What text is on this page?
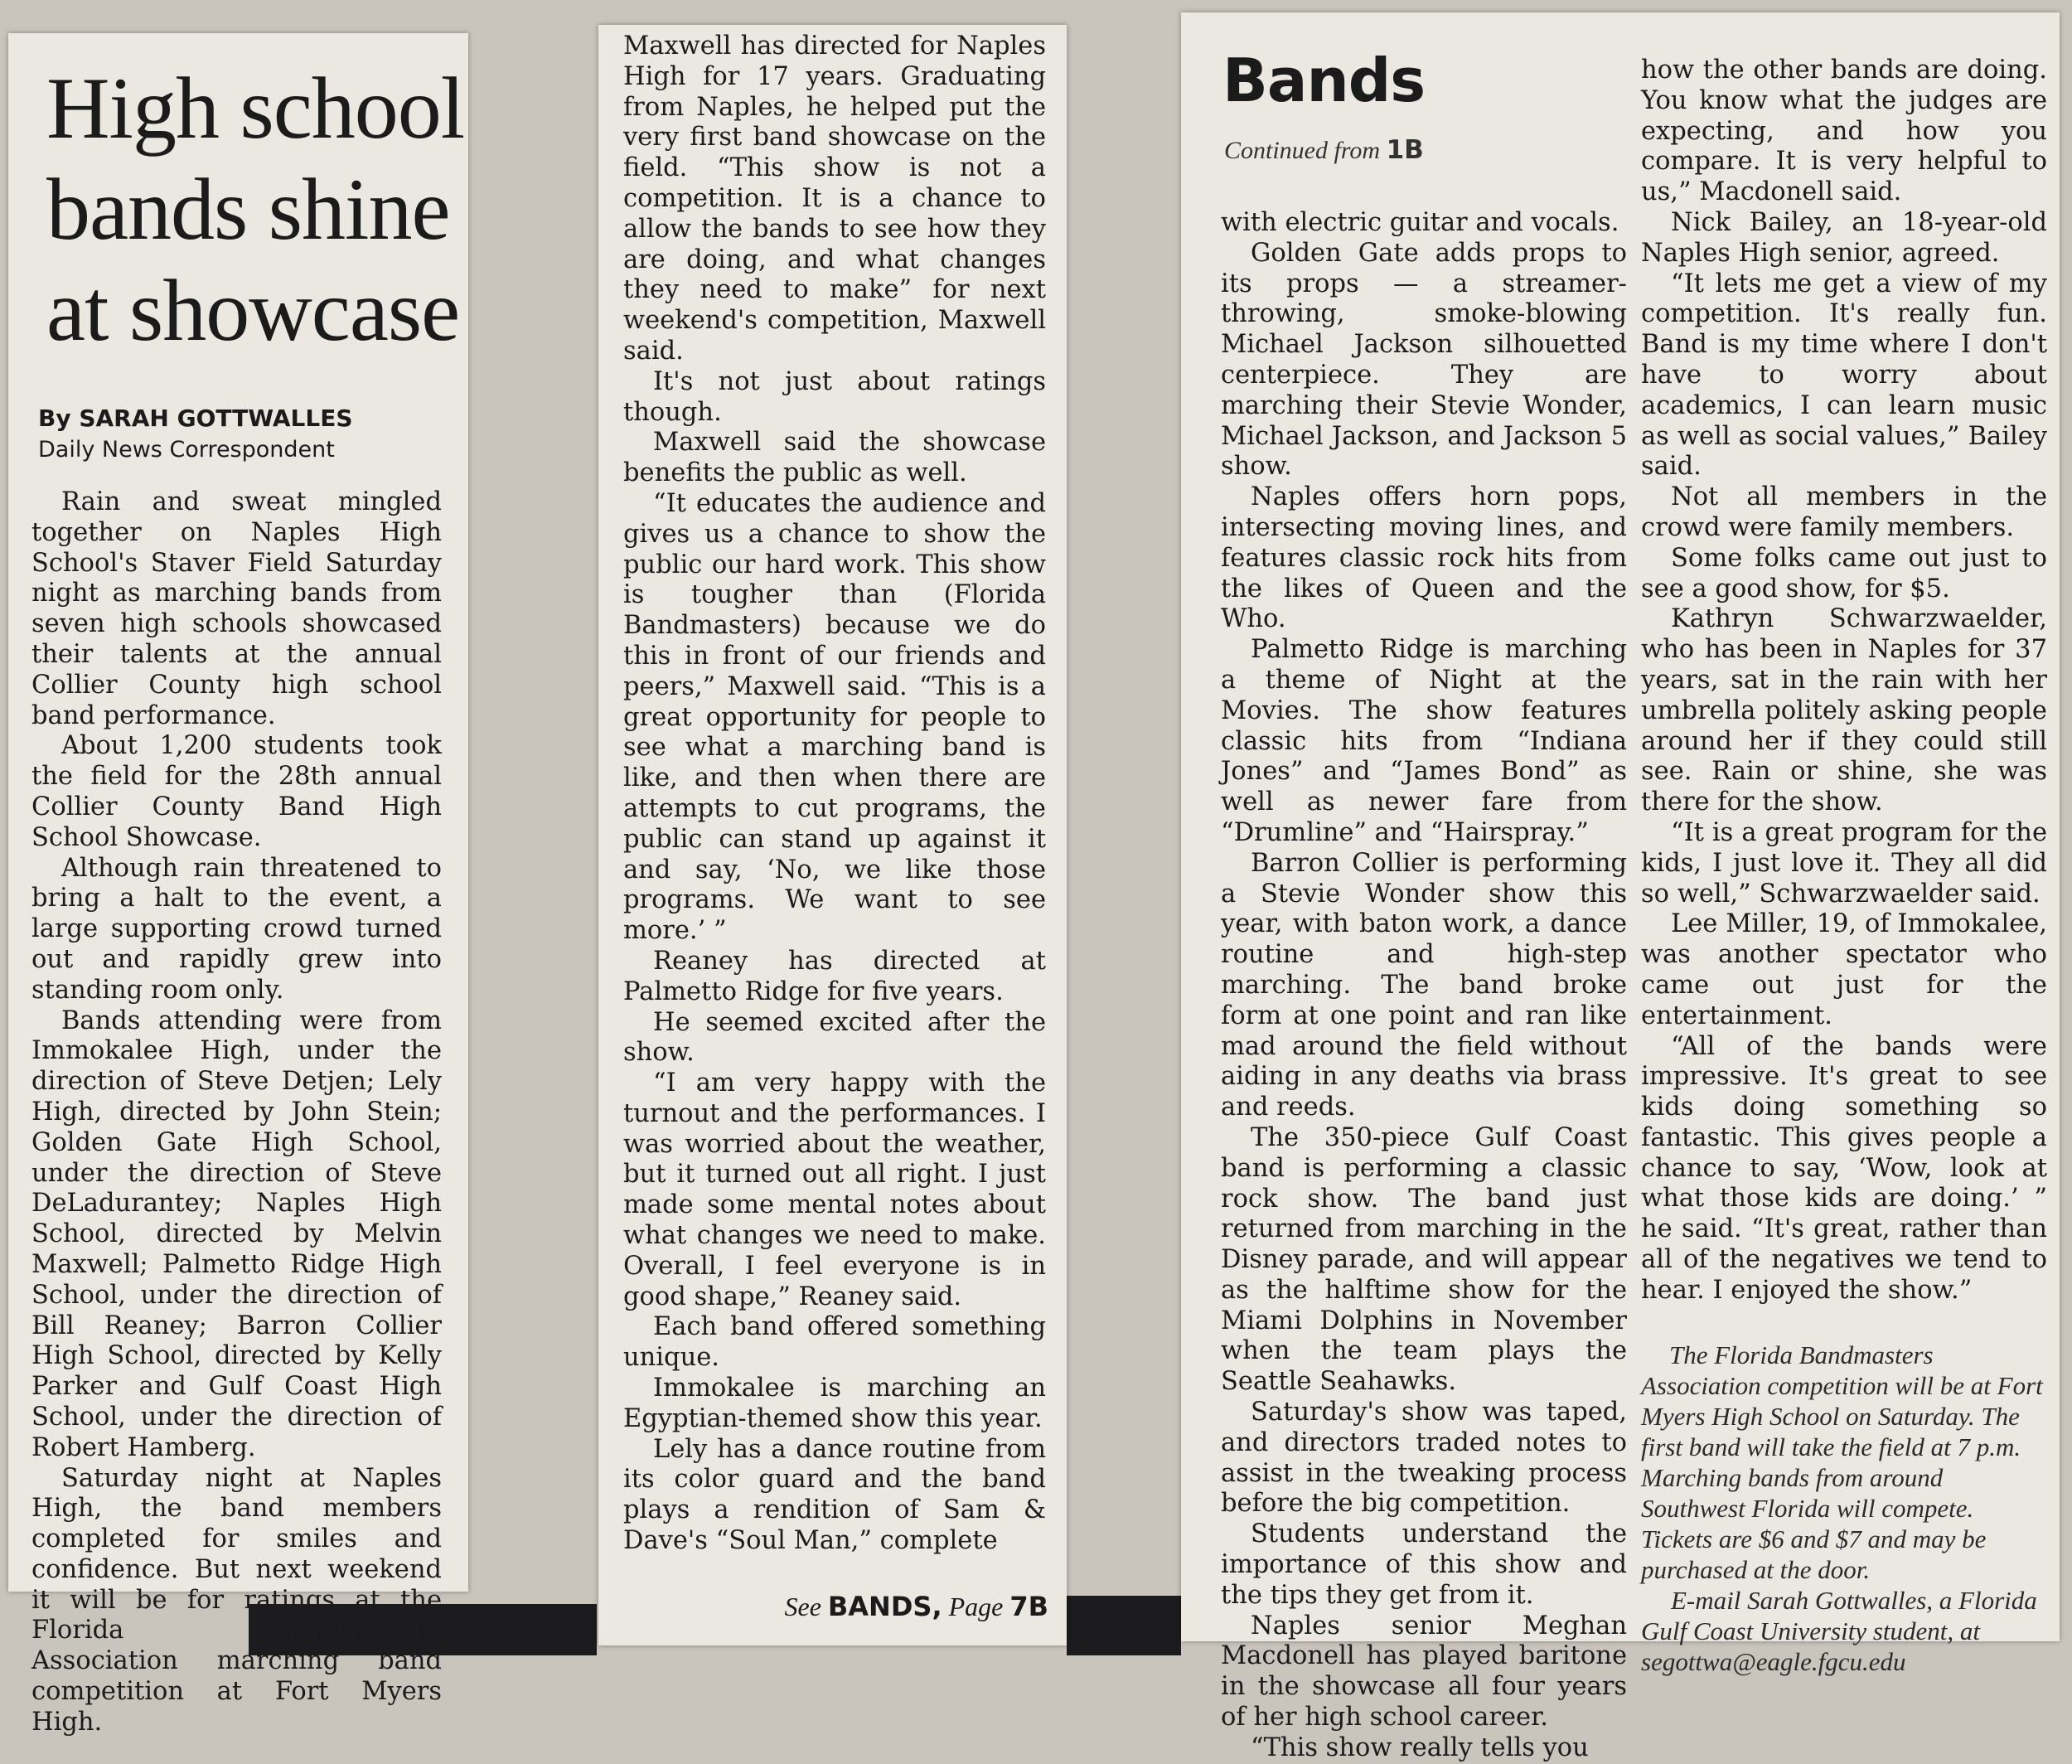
High school
bands shine
at showcase
By SARAH GOTTWALLES
Daily News Correspondent

Rain and sweat mingled together on Naples High School's Staver Field Saturday night as marching bands from seven high schools showcased their talents at the annual Collier County high school band performance.

About 1,200 students took the field for the 28th annual Collier County Band High School Showcase.

Although rain threatened to bring a halt to the event, a large supporting crowd turned out and rapidly grew into standing room only.

Bands attending were from Immokalee High, under the direction of Steve Detjen; Lely High, directed by John Stein; Golden Gate High School, under the direction of Steve DeLadurantey; Naples High School, directed by Melvin Maxwell; Palmetto Ridge High School, under the direction of Bill Reaney; Barron Collier High School, directed by Kelly Parker and Gulf Coast High School, under the direction of Robert Hamberg.

Saturday night at Naples High, the band members completed for smiles and confidence. But next weekend it will be for ratings at the Florida Bandmasters Association marching band competition at Fort Myers High.

Maxwell has directed for Naples High for 17 years. Graduating from Naples, he helped put the very first band showcase on the field. “This show is not a competition. It is a chance to allow the bands to see how they are doing, and what changes they need to make” for next weekend's competition, Maxwell said.

It's not just about ratings though.

Maxwell said the showcase benefits the public as well.

“It educates the audience and gives us a chance to show the public our hard work. This show is tougher than (Florida Bandmasters) because we do this in front of our friends and peers,” Maxwell said. “This is a great opportunity for people to see what a marching band is like, and then when there are attempts to cut programs, the public can stand up against it and say, ‘No, we like those programs. We want to see more.’ ”

Reaney has directed at Palmetto Ridge for five years.

He seemed excited after the show.

“I am very happy with the turnout and the performances. I was worried about the weather, but it turned out all right. I just made some mental notes about what changes we need to make. Overall, I feel everyone is in good shape,” Reaney said.

Each band offered something unique.

Immokalee is marching an Egyptian-themed show this year.

Lely has a dance routine from its color guard and the band plays a rendition of Sam & Dave's “Soul Man,” complete

See BANDS, Page 7B
Bands
Continued from 1B

with electric guitar and vocals.

Golden Gate adds props to its props — a streamer-throwing, smoke-blowing Michael Jackson silhouetted centerpiece. They are marching their Stevie Wonder, Michael Jackson, and Jackson 5 show.

Naples offers horn pops, intersecting moving lines, and features classic rock hits from the likes of Queen and the Who.

Palmetto Ridge is marching a theme of Night at the Movies. The show features classic hits from “Indiana Jones” and “James Bond” as well as newer fare from “Drumline” and “Hairspray.”

Barron Collier is performing a Stevie Wonder show this year, with baton work, a dance routine and high-step marching. The band broke form at one point and ran like mad around the field without aiding in any deaths via brass and reeds.

The 350-piece Gulf Coast band is performing a classic rock show. The band just returned from marching in the Disney parade, and will appear as the halftime show for the Miami Dolphins in November when the team plays the Seattle Seahawks.

Saturday's show was taped, and directors traded notes to assist in the tweaking process before the big competition.

Students understand the importance of this show and the tips they get from it.

Naples senior Meghan Macdonell has played baritone in the showcase all four years of her high school career.

“This show really tells you

how the other bands are doing. You know what the judges are expecting, and how you compare. It is very helpful to us,” Macdonell said.

Nick Bailey, an 18-year-old Naples High senior, agreed.

“It lets me get a view of my competition. It's really fun. Band is my time where I don't have to worry about academics, I can learn music as well as social values,” Bailey said.

Not all members in the crowd were family members.

Some folks came out just to see a good show, for $5.

Kathryn Schwarzwaelder, who has been in Naples for 37 years, sat in the rain with her umbrella politely asking people around her if they could still see. Rain or shine, she was there for the show.

“It is a great program for the kids, I just love it. They all did so well,” Schwarzwaelder said.

Lee Miller, 19, of Immokalee, was another spectator who came out just for the entertainment.

“All of the bands were impressive. It's great to see kids doing something so fantastic. This gives people a chance to say, ‘Wow, look at what those kids are doing.’ ” he said. “It's great, rather than all of the negatives we tend to hear. I enjoyed the show.”

The Florida Bandmasters Association competition will be at Fort Myers High School on Saturday. The first band will take the field at 7 p.m. Marching bands from around Southwest Florida will compete. Tickets are $6 and $7 and may be purchased at the door.

E-mail Sarah Gottwalles, a Florida Gulf Coast University student, at segottwa@eagle.fgcu.edu
